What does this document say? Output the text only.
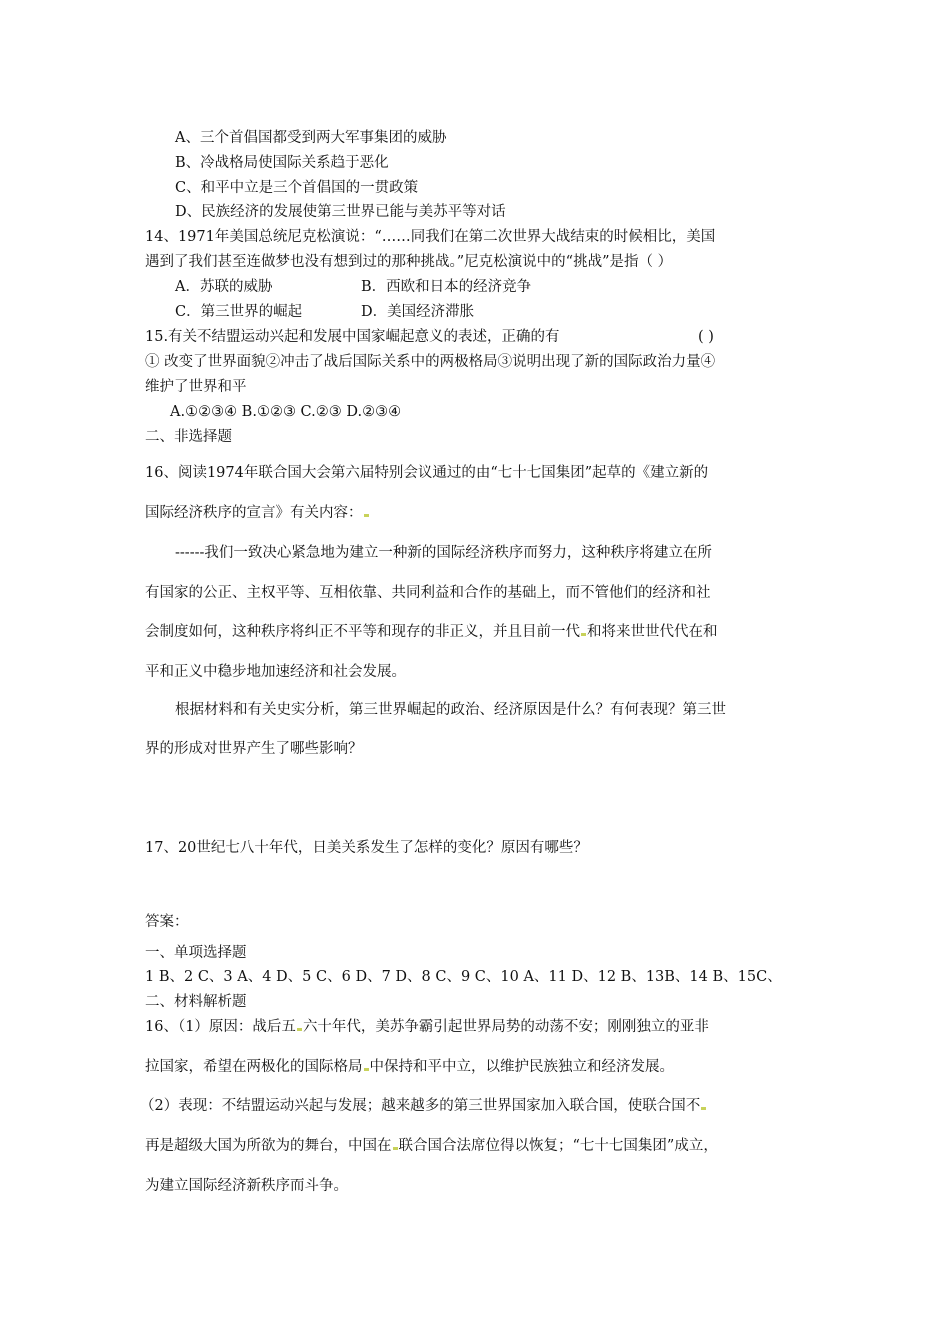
A、三个首倡国都受到两大军事集团的威胁
B、冷战格局使国际关系趋于恶化
C、和平中立是三个首倡国的一贯政策
D、民族经济的发展使第三世界已能与美苏平等对话
14、1971年美国总统尼克松演说：“……同我们在第二次世界大战结束的时候相比，美国
遇到了我们甚至连做梦也没有想到过的那种挑战。”尼克松演说中的“挑战”是指（ ）
A．苏联的威胁	B．西欧和日本的经济竞争
C．第三世界的崛起	D．美国经济滞胀
15.有关不结盟运动兴起和发展中国家崛起意义的表述，正确的有	( )
① 改变了世界面貌②冲击了战后国际关系中的两极格局③说明出现了新的国际政治力量④
维护了世界和平
A.①②③④ B.①②③ C.②③ D.②③④
二、非选择题
16、阅读1974年联合国大会第六届特别会议通过的由“七十七国集团”起草的《建立新的
国际经济秩序的宣言》有关内容：
------我们一致决心紧急地为建立一种新的国际经济秩序而努力，这种秩序将建立在所
有国家的公正、主权平等、互相依靠、共同利益和合作的基础上，而不管他们的经济和社
会制度如何，这种秩序将纠正不平等和现存的非正义，并且目前一代 和将来世世代代在和
平和正义中稳步地加速经济和社会发展。
根据材料和有关史实分析，第三世界崛起的政治、经济原因是什么？有何表现？第三世
界的形成对世界产生了哪些影响？
17、20世纪七八十年代，日美关系发生了怎样的变化？原因有哪些？
答案：
一、单项选择题
1 B、2 C、3 A、4 D、5 C、6 D、7 D、8 C、9 C、10 A、11 D、12 B、13B、14 B、15C、
二、材料解析题
16、（1）原因：战后五 六十年代，美苏争霸引起世界局势的动荡不安；刚刚独立的亚非
拉国家，希望在两极化的国际格局 中保持和平中立，以维护民族独立和经济发展。
（2）表现：不结盟运动兴起与发展；越来越多的第三世界国家加入联合国，使联合国不
再是超级大国为所欲为的舞台，中国在 联合国合法席位得以恢复；“七十七国集团”成立，
为建立国际经济新秩序而斗争。
